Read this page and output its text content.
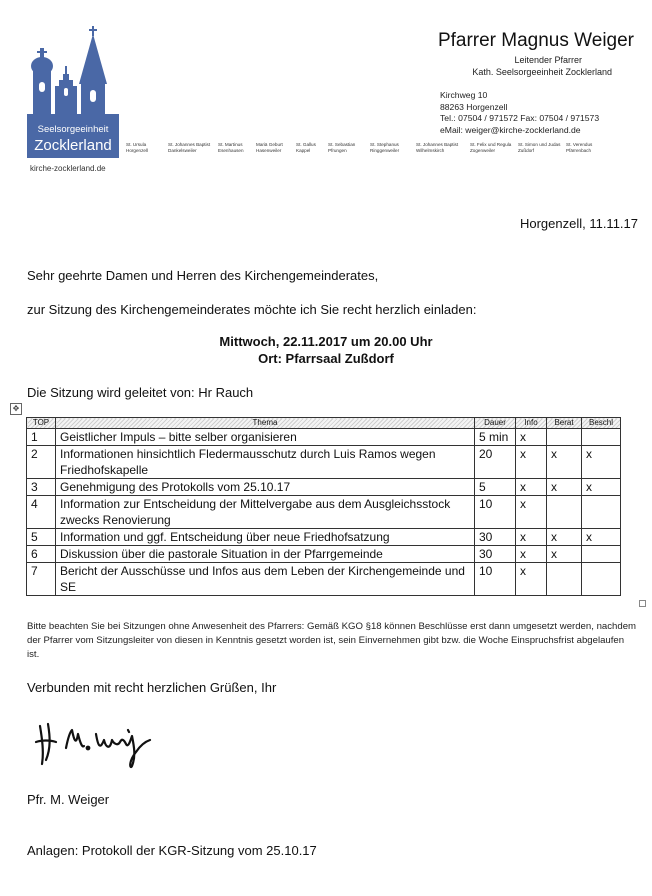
Seelsorgeeinheit
Zocklerland
kirche-zocklerland.de
St. Ursula
Horgenzell
St. Johannes Baptist
Dankelsweiler
St. Martinus
Esenhausen
Mariä Geburt
Hasenweiler
St. Gallus
Kappel
St. Sebastian
Pfrungen
St. Stephanus
Ringgenweiler
St. Johannes Baptist
Wilhelmskirch
St. Felix und Regula
Zogenweiler
St. Simon und Judas
Zußdorf
St. Verendus
Pfärrenbach
Pfarrer Magnus Weiger
Leitender Pfarrer
Kath. Seelsorgeeinheit Zocklerland
Kirchweg 10
88263 Horgenzell
Tel.: 07504 / 971572 Fax: 07504 / 971573
eMail: weiger@kirche-zocklerland.de
Horgenzell, 11.11.17
Sehr geehrte Damen und Herren des Kirchengemeinderates,
zur Sitzung des Kirchengemeinderates möchte ich Sie recht herzlich einladen:
Mittwoch, 22.11.2017 um 20.00 Uhr
Ort: Pfarrsaal Zußdorf
Die Sitzung wird geleitet von: Hr Rauch
✥
TOP	Thema	Dauer	Info	Berat	Beschl
1	Geistlicher Impuls – bitte selber organisieren	5 min	x		
2	Informationen hinsichtlich Fledermausschutz durch Luis Ramos wegen Friedhofskapelle	20	x	x	x
3	Genehmigung des Protokolls vom 25.10.17	5	x	x	x
4	Information zur Entscheidung der Mittelvergabe aus dem Ausgleichsstock zwecks Renovierung	10	x		
5	Information und ggf. Entscheidung über neue Friedhofsatzung	30	x	x	x
6	Diskussion über die pastorale Situation in der Pfarrgemeinde	30	x	x	
7	Bericht der Ausschüsse und Infos aus dem Leben der Kirchengemeinde und SE	10	x		
Bitte beachten Sie bei Sitzungen ohne Anwesenheit des Pfarrers: Gemäß KGO §18 können Beschlüsse erst dann umgesetzt werden, nachdem der Pfarrer vom Sitzungsleiter von diesen in Kenntnis gesetzt worden ist, sein Einvernehmen gibt bzw. die Woche Einspruchsfrist abgelaufen ist.
Verbunden mit recht herzlichen Grüßen, Ihr
Pfr. M. Weiger
Anlagen: Protokoll der KGR-Sitzung vom 25.10.17
